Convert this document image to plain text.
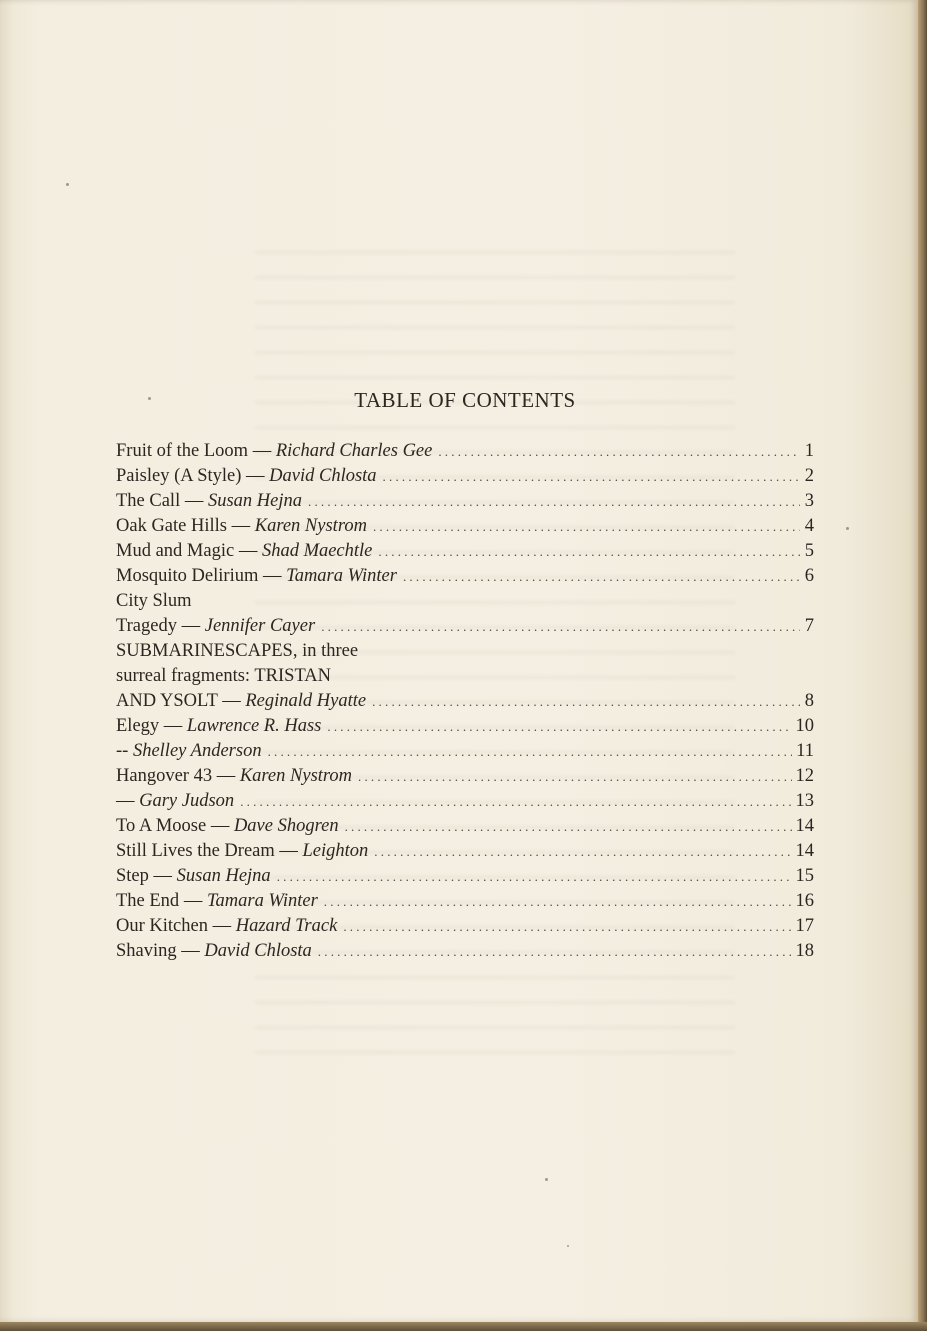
TABLE OF CONTENTS
Fruit of the Loom — Richard Charles Gee .....	1
Paisley (A Style) — David Chlosta .....	2
The Call — Susan Hejna .....	3
Oak Gate Hills — Karen Nystrom .....	4
Mud and Magic — Shad Maechtle .....	5
Mosquito Delirium — Tamara Winter .....	6
City Slum
Tragedy — Jennifer Cayer .....	7
SUBMARINESCAPES, in three
surreal fragments: TRISTAN
AND YSOLT — Reginald Hyatte .....	8
Elegy — Lawrence R. Hass .....	10
-- Shelley Anderson .....	11
Hangover 43 — Karen Nystrom .....	12
— Gary Judson .....	13
To A Moose — Dave Shogren .....	14
Still Lives the Dream — Leighton .....	14
Step — Susan Hejna .....	15
The End — Tamara Winter .....	16
Our Kitchen — Hazard Track .....	17
Shaving — David Chlosta .....	18
